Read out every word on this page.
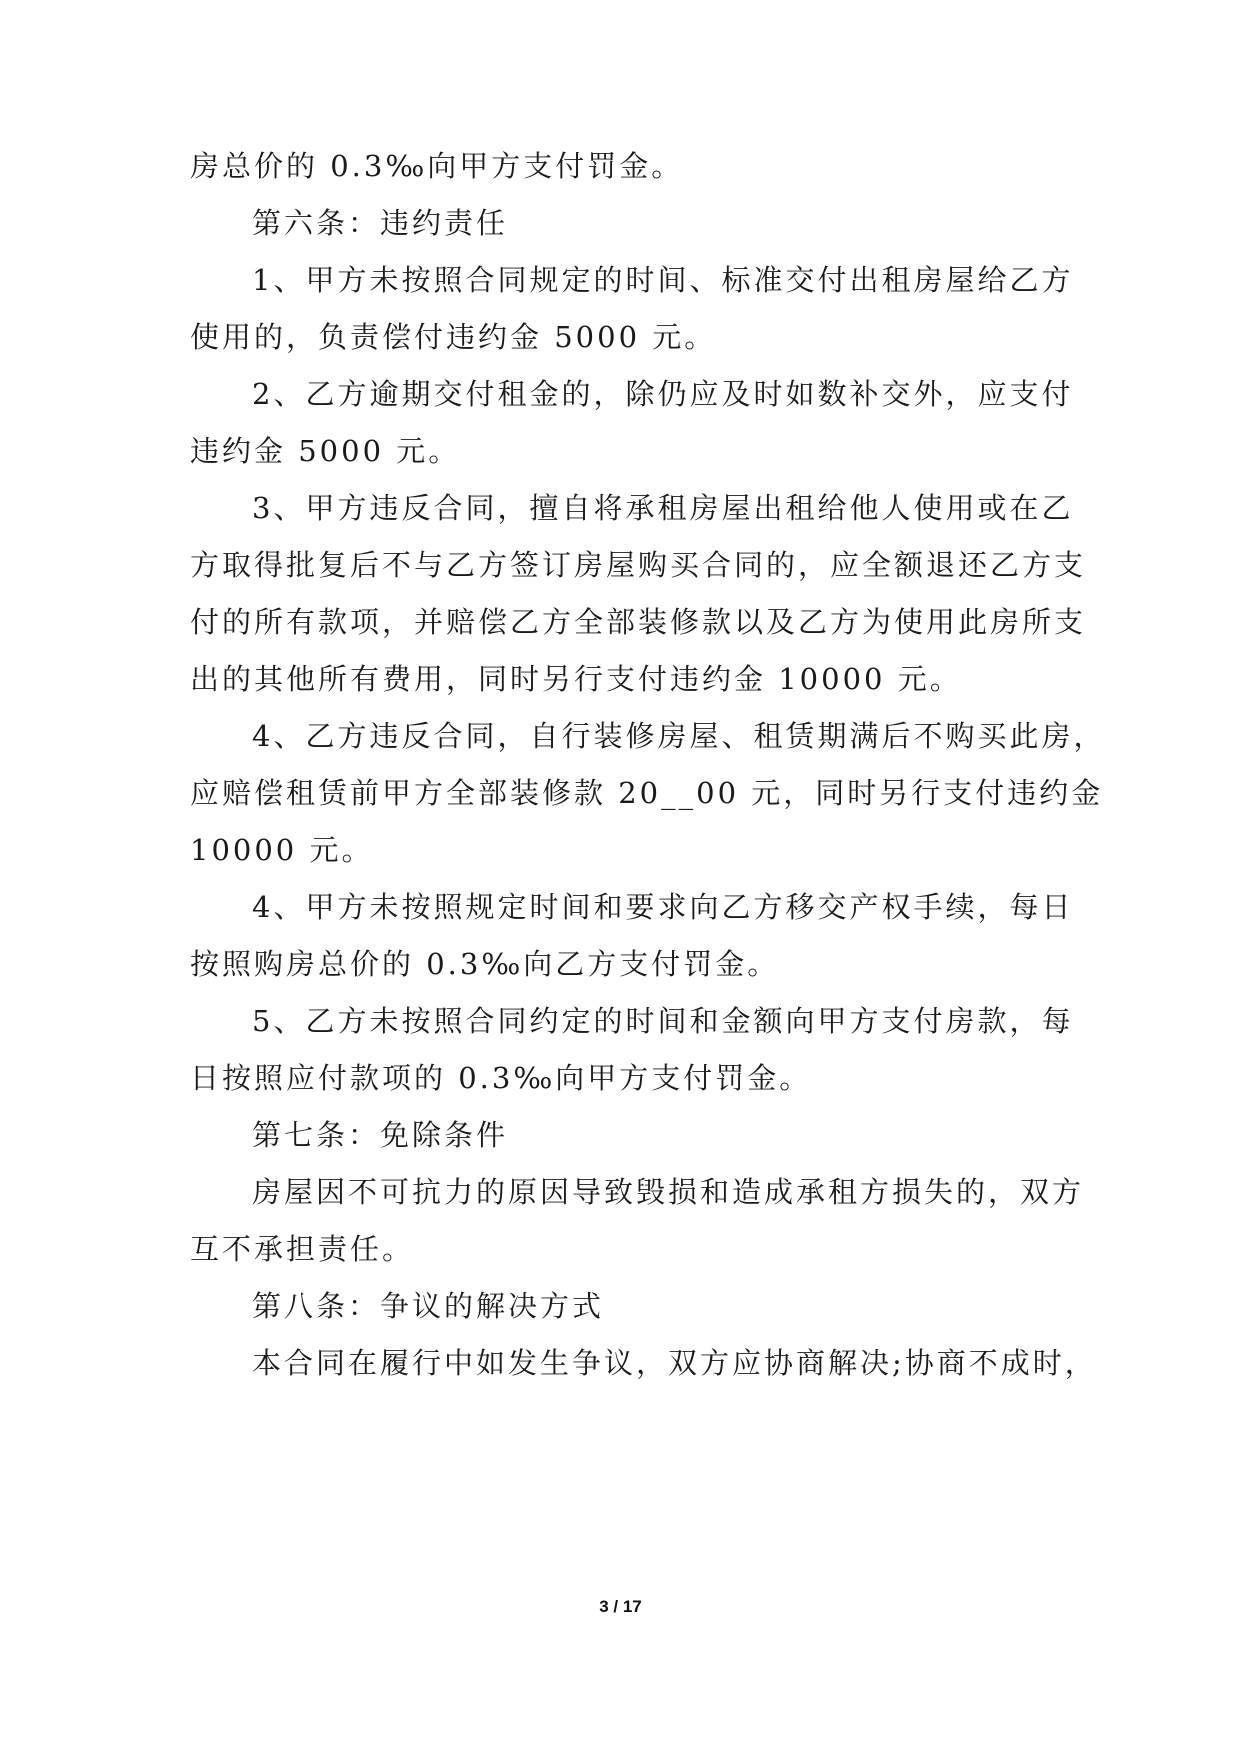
房总价的 0.3‰向甲方支付罚金。
第六条：违约责任
1、甲方未按照合同规定的时间、标准交付出租房屋给乙方
使用的，负责偿付违约金 5000 元。
2、乙方逾期交付租金的，除仍应及时如数补交外，应支付
违约金 5000 元。
3、甲方违反合同，擅自将承租房屋出租给他人使用或在乙
方取得批复后不与乙方签订房屋购买合同的，应全额退还乙方支
付的所有款项，并赔偿乙方全部装修款以及乙方为使用此房所支
出的其他所有费用，同时另行支付违约金 10000 元。
4、乙方违反合同，自行装修房屋、租赁期满后不购买此房，
应赔偿租赁前甲方全部装修款 20__00 元，同时另行支付违约金
10000 元。
4、甲方未按照规定时间和要求向乙方移交产权手续，每日
按照购房总价的 0.3‰向乙方支付罚金。
5、乙方未按照合同约定的时间和金额向甲方支付房款，每
日按照应付款项的 0.3‰向甲方支付罚金。
第七条：免除条件
房屋因不可抗力的原因导致毁损和造成承租方损失的，双方
互不承担责任。
第八条：争议的解决方式
本合同在履行中如发生争议，双方应协商解决;协商不成时，
3 / 17
